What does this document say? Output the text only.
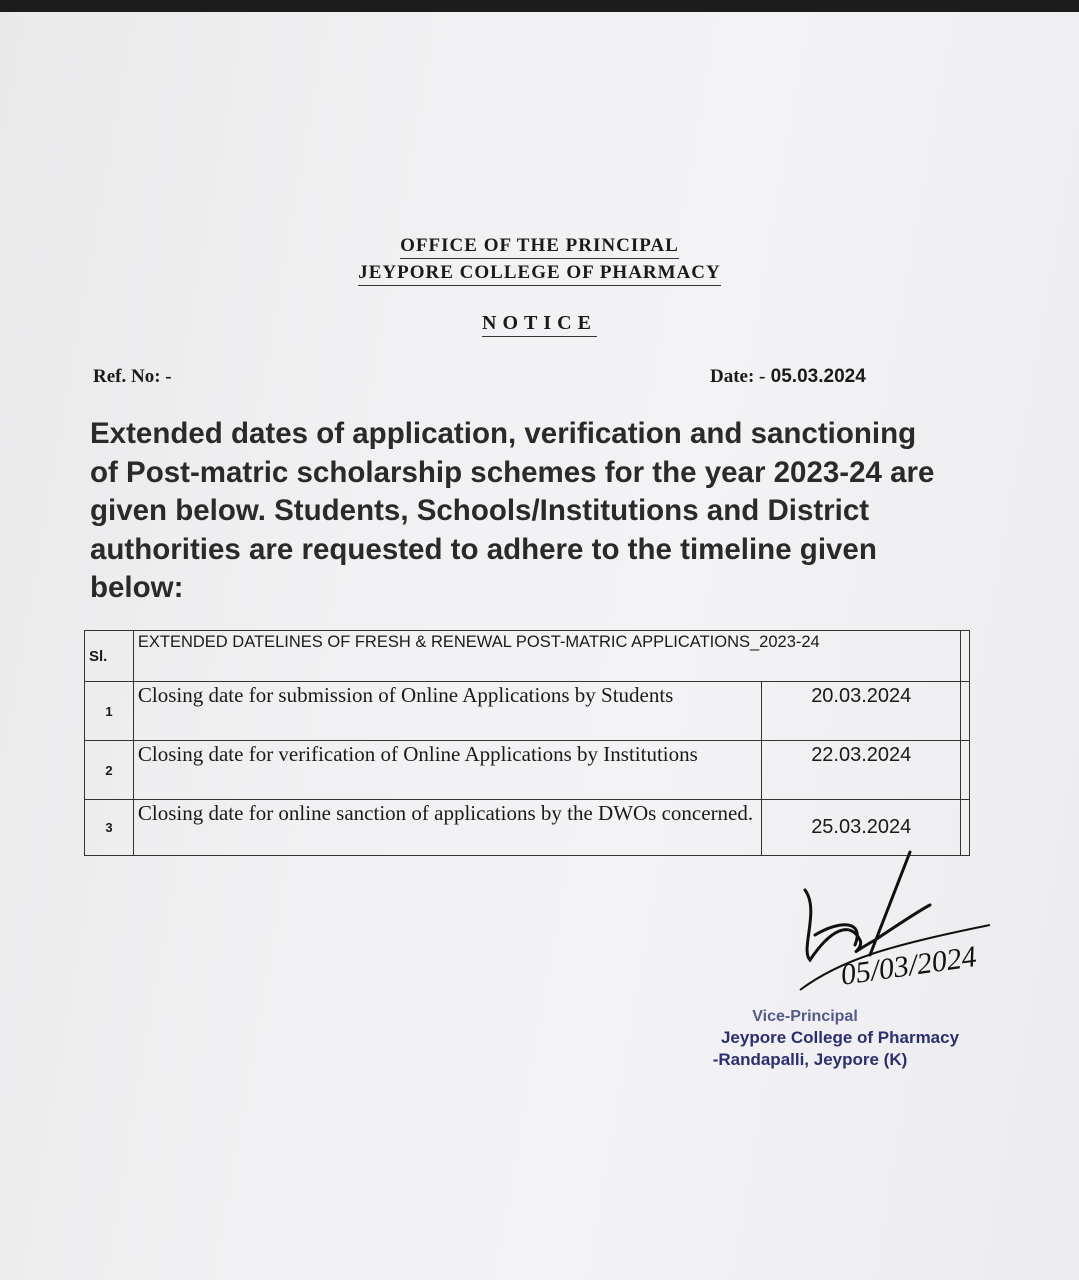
OFFICE OF THE PRINCIPAL
JEYPORE COLLEGE OF PHARMACY
NOTICE
Ref. No: -	Date: - 05.03.2024
Extended dates of application, verification and sanctioning of Post-matric scholarship schemes for the year 2023-24 are given below. Students, Schools/Institutions and District authorities are requested to adhere to the timeline given below:
Sl.	EXTENDED DATELINES OF FRESH & RENEWAL POST-MATRIC APPLICATIONS_2023-24		
1	Closing date for submission of Online Applications by Students	20.03.2024	
2	Closing date for verification of Online Applications by Institutions	22.03.2024	
3	Closing date for online sanction of applications by the DWOs concerned.	25.03.2024	
05/03/2024
Vice-Principal
Jeypore College of Pharmacy
-Randapalli, Jeypore (K)
